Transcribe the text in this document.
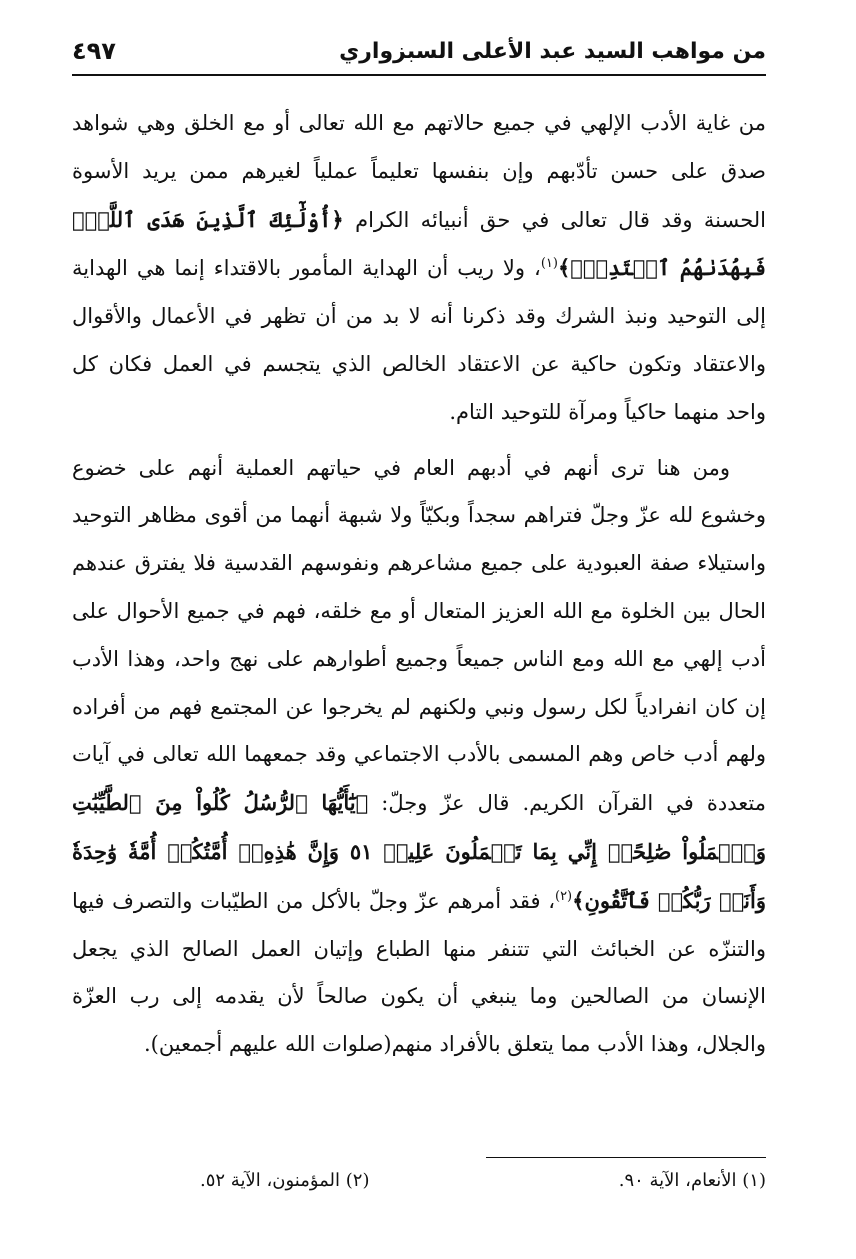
من مواهب السيد عبد الأعلى السبزواري
٤٩٧

من غاية الأدب الإلهي في جميع حالاتهم مع الله تعالى أو مع الخلق وهي شواهد صدق على حسن تأدّبهم وإن بنفسها تعليماً عملياً لغيرهم ممن يريد الأسوة الحسنة وقد قال تعالى في حق أنبيائه الكرام ﴿أُوْلَٰٓئِكَ ٱلَّذِينَ هَدَى ٱللَّهُۖ فَبِهُدَىٰهُمُ ٱقۡتَدِهۡۗ﴾$^{(١)}$، ولا ريب أن الهداية المأمور بالاقتداء إنما هي الهداية إلى التوحيد ونبذ الشرك وقد ذكرنا أنه لا بد من أن تظهر في الأعمال والأقوال والاعتقاد وتكون حاكية عن الاعتقاد الخالص الذي يتجسم في العمل فكان كل واحد منهما حاكياً ومرآة للتوحيد التام.

ومن هنا ترى أنهم في أدبهم العام في حياتهم العملية أنهم على خضوع وخشوع لله عزّ وجلّ فتراهم سجداً وبكيّاً ولا شبهة أنهما من أقوى مظاهر التوحيد واستيلاء صفة العبودية على جميع مشاعرهم ونفوسهم القدسية فلا يفترق عندهم الحال بين الخلوة مع الله العزيز المتعال أو مع خلقه، فهم في جميع الأحوال على أدب إلهي مع الله ومع الناس جميعاً وجميع أطوارهم على نهج واحد، وهذا الأدب إن كان انفرادياً لكل رسول ونبي ولكنهم لم يخرجوا عن المجتمع فهم من أفراده ولهم أدب خاص وهم المسمى بالأدب الاجتماعي وقد جمعهما الله تعالى في آيات متعددة في القرآن الكريم. قال عزّ وجلّ: ﴿يَٰٓأَيُّهَا ٱلرُّسُلُ كُلُواْ مِنَ ٱلطَّيِّبَٰتِ وَٱعۡمَلُواْ صَٰلِحًاۖ إِنِّي بِمَا تَعۡمَلُونَ عَلِيمٞ ٥١ وَإِنَّ هَٰذِهِۦٓ أُمَّتُكُمۡ أُمَّةٗ وَٰحِدَةٗ وَأَنَا۠ رَبُّكُمۡ فَٱتَّقُونِ﴾$^{(٢)}$، فقد أمرهم عزّ وجلّ بالأكل من الطيّبات والتصرف فيها والتنزّه عن الخبائث التي تتنفر منها الطباع وإتيان العمل الصالح الذي يجعل الإنسان من الصالحين وما ينبغي أن يكون صالحاً لأن يقدمه إلى رب العزّة والجلال، وهذا الأدب مما يتعلق بالأفراد منهم(صلوات الله عليهم أجمعين).

(١) الأنعام، الآية ٩٠.
(٢) المؤمنون، الآية ٥٢.
